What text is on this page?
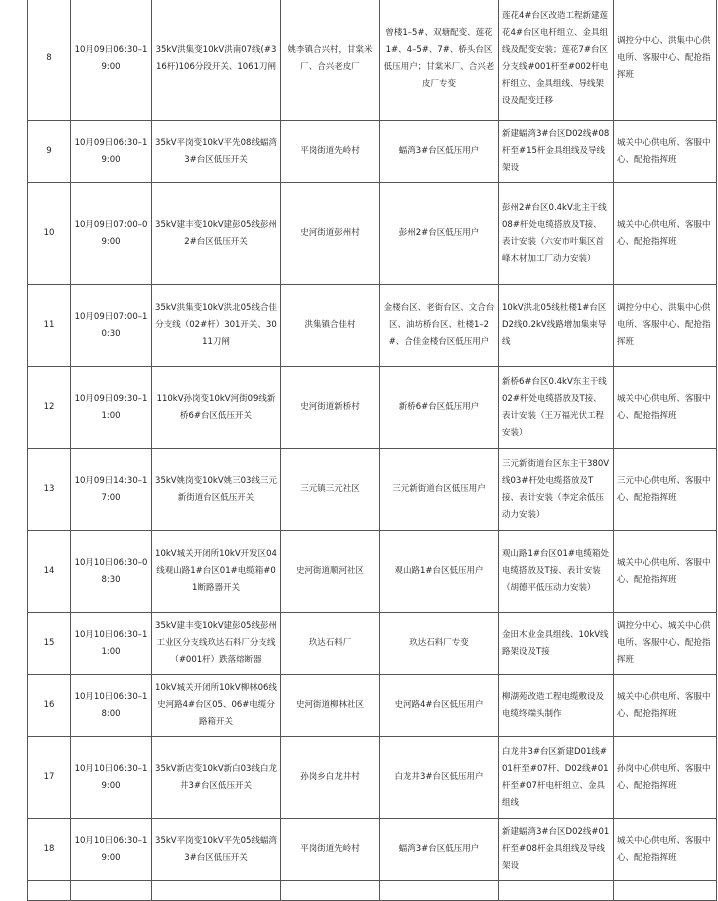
8	10月09日06:30–19:00	35kV洪集变10kV洪南07线(#316杆)106分段开关、1061刀闸	姚李镇合兴村，甘棠米厂、合兴老皮厂	曾楼1–5#、双塘配变、莲花1#、4–5#、7#、桥头台区低压用户；甘棠米厂、合兴老皮厂专变	莲花4#台区改造工程新建莲花4#台区电杆组立、金具组线及配变安装；莲花7#台区分支线#001杆至#002杆电杆组立、金具组线、导线架设及配变迁移	调控分中心、洪集中心供电所、客服中心、配抢指挥班
9	10月09日06:30–19:00	35kV平岗变10kV平先08线蝠湾3#台区低压开关	平岗街道先岭村	蝠湾3#台区低压用户	新建蝠湾3#台区D02线#08杆至#15杆金具组线及导线架设	城关中心供电所、客服中心、配抢指挥班
10	10月09日07:00–09:00	35kV建丰变10kV建彭05线彭州2#台区低压开关	史河街道彭州村	彭州2#台区低压用户	彭州2#台区0.4kV北主干线08#杆处电缆搭放及T接、表计安装（六安市叶集区首峰木材加工厂动力安装）	城关中心供电所、客服中心、配抢指挥班
11	10月09日07:00–10:30	35kV洪集变10kV洪北05线合佳分支线（02#杆）301开关、3011刀闸	洪集镇合佳村	金楼台区、老街台区、文合台区、油坊桥台区、杜楼1–2#、合佳金楼台区低压用户	10kV洪北05线杜楼1#台区D2线0.2kV线路增加集束导线	调控分中心、洪集中心供电所、客服中心、配抢指挥班
12	10月09日09:30–11:00	110kV孙岗变10kV河街09线新桥6#台区低压开关	史河街道新桥村	新桥6#台区低压用户	新桥6#台区0.4kV东主干线02#杆处电缆搭放及T接、表计安装（王万福光伏工程安装）	城关中心供电所、客服中心、配抢指挥班
13	10月09日14:30–17:00	35kV姚岗变10kV姚三03线三元新街道台区低压开关	三元镇三元社区	三元新街道台区低压用户	三元新街道台区东主干380V线03#杆处电缆搭放及T接、表计安装（李定余低压动力安装）	三元中心供电所、客服中心、配抢指挥班
14	10月10日06:30–08:30	10kV城关开闭所10kV开发区04线观山路1#台区01#电缆箱#01断路器开关	史河街道顺河社区	观山路1#台区低压用户	观山路1#台区01#电缆箱处电缆搭放及T接、表计安装（胡德平低压动力安装）	城关中心供电所、客服中心、配抢指挥班
15	10月10日06:30–11:00	35kV建丰变10kV建彭05线彭州工业区分支线玖达石料厂分支线（#001杆）跌落熔断器	玖达石料厂	玖达石料厂专变	金田木业金具组线、10kV线路架设及T接	调控分中心、城关中心供电所、客服中心、配抢指挥班
16	10月10日06:30–18:00	10kV城关开闭所10kV柳林06线史河路4#台区05、06#电缆分路箱开关	史河街道柳林社区	史河路4#台区低压用户	柳湖苑改造工程电缆敷设及电缆终端头制作	城关中心供电所、客服中心、配抢指挥班
17	10月10日06:30–19:00	35kV新店变10kV新白03线白龙井3#台区低压开关	孙岗乡白龙井村	白龙井3#台区低压用户	白龙井3#台区新建D01线#01杆至#07杆、D02线#01杆至#07杆电杆组立、金具组线	孙岗中心供电所、客服中心、配抢指挥班
18	10月10日06:30–19:00	35kV平岗变10kV平先05线蝠湾3#台区低压开关	平岗街道先岭村	蝠湾3#台区低压用户	新建蝠湾3#台区D02线#01杆至#08杆金具组线及导线架设	城关中心供电所、客服中心、配抢指挥班
